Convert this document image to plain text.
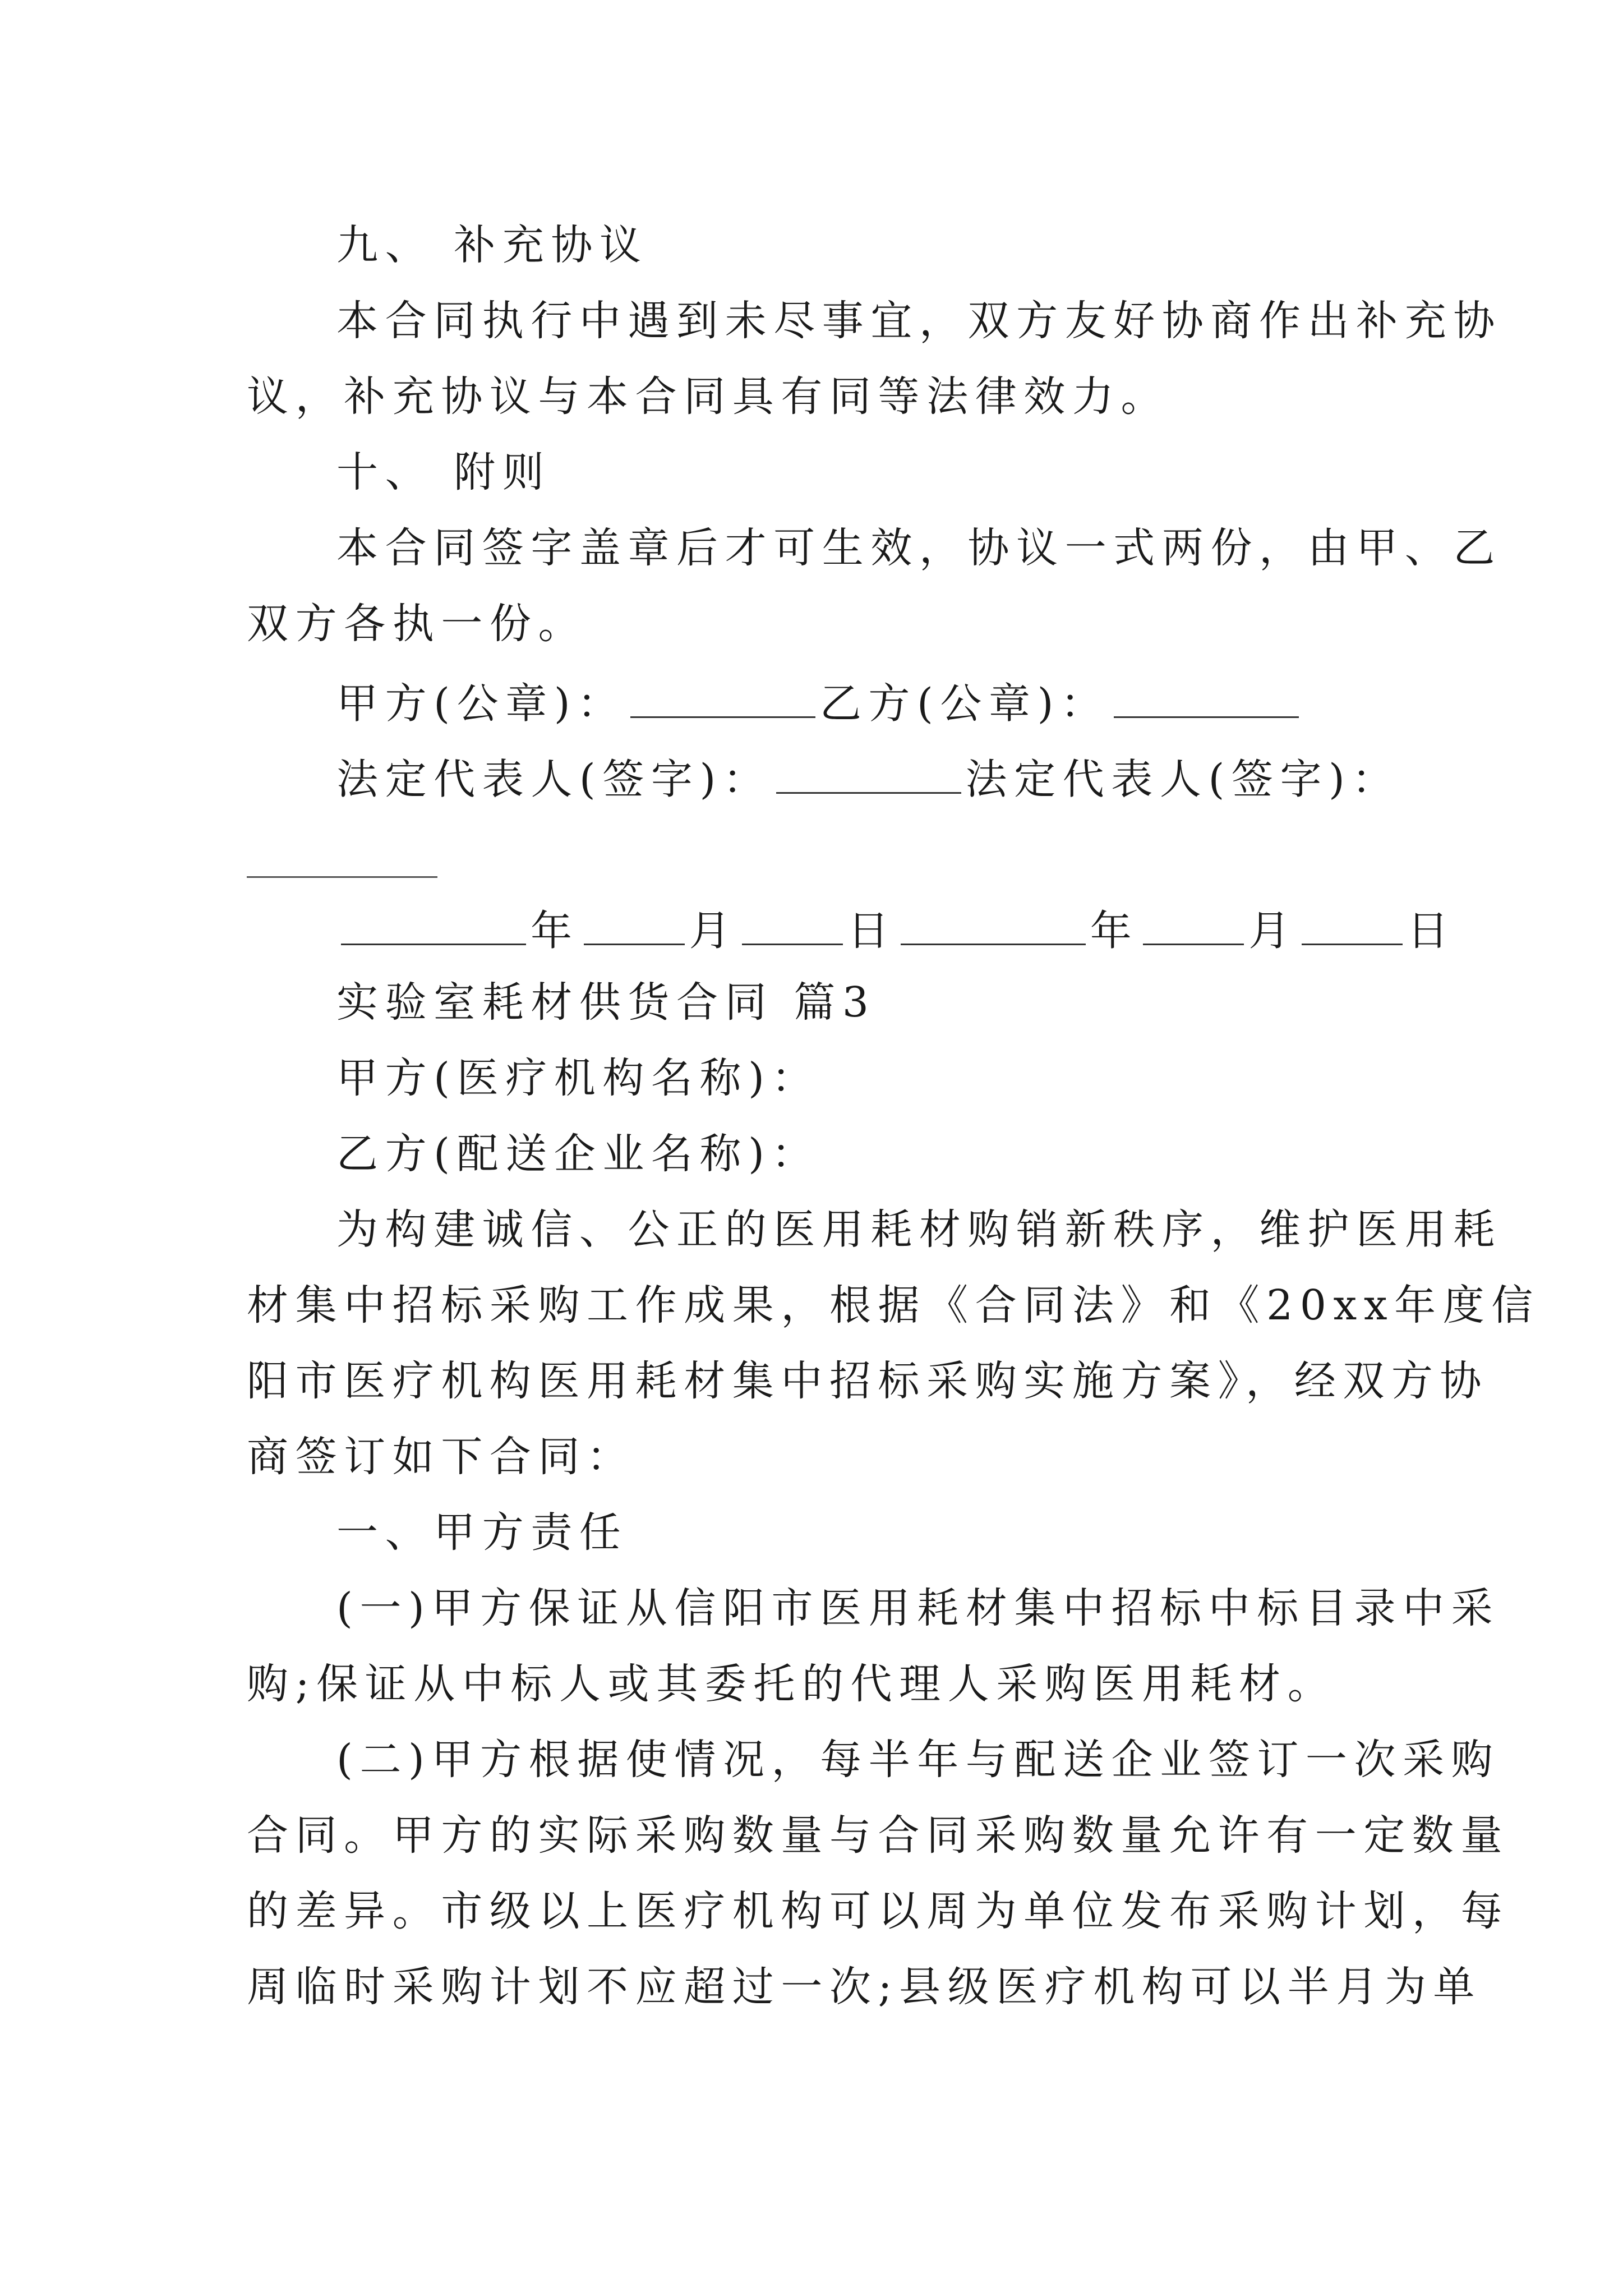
九、 补充协议
本合同执行中遇到未尽事宜，双方友好协商作出补充协
议，补充协议与本合同具有同等法律效力。
十、 附则
本合同签字盖章后才可生效，协议一式两份，由甲、乙
双方各执一份。
甲方(公章)：	乙方(公章)：
法定代表人(签字)：	法定代表人(签字)：
年	月	日	年	月	日
实验室耗材供货合同 篇3
甲方(医疗机构名称)：
乙方(配送企业名称)：
为构建诚信、公正的医用耗材购销新秩序，维护医用耗
材集中招标采购工作成果，根据《合同法》和《20xx年度信
阳市医疗机构医用耗材集中招标采购实施方案》，经双方协
商签订如下合同：
一、甲方责任
(一)甲方保证从信阳市医用耗材集中招标中标目录中采
购;保证从中标人或其委托的代理人采购医用耗材。
(二)甲方根据使情况，每半年与配送企业签订一次采购
合同。甲方的实际采购数量与合同采购数量允许有一定数量
的差异。市级以上医疗机构可以周为单位发布采购计划，每
周临时采购计划不应超过一次;县级医疗机构可以半月为单
